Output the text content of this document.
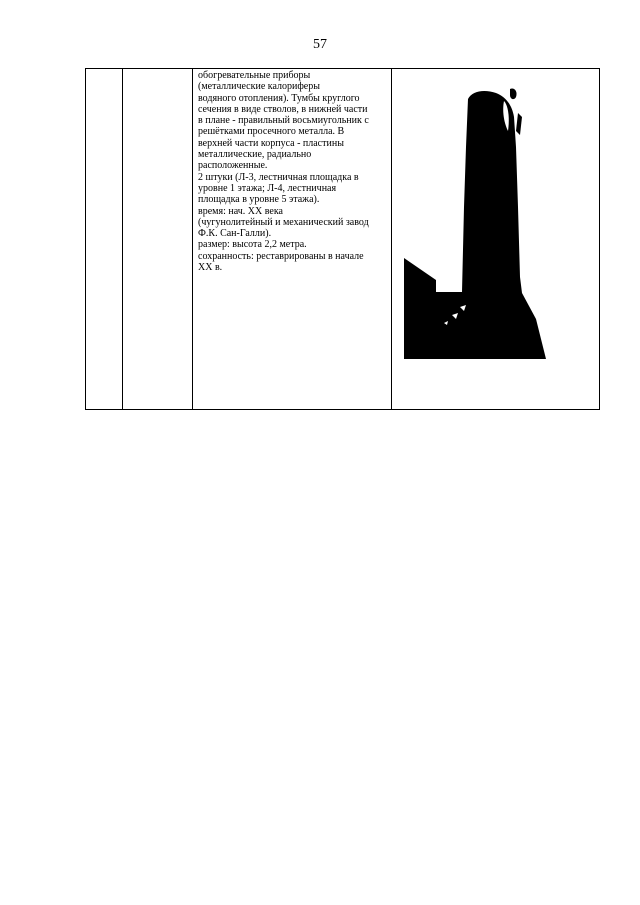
57

обогревательные приборы
(металлические калориферы
водяного отопления). Тумбы круглого
сечения в виде стволов, в нижней части
в плане - правильный восьмиугольник с
решётками просечного металла. В
верхней части корпуса - пластины
металлические, радиально
расположенные.
2 штуки (Л-3, лестничная площадка в
уровне 1 этажа; Л-4, лестничная
площадка в уровне 5 этажа).
время: нач. XX века
(чугунолитейный и механический завод
Ф.К. Сан-Галли).
размер: высота 2,2 метра.
сохранность: реставрированы в начале
XX в.
